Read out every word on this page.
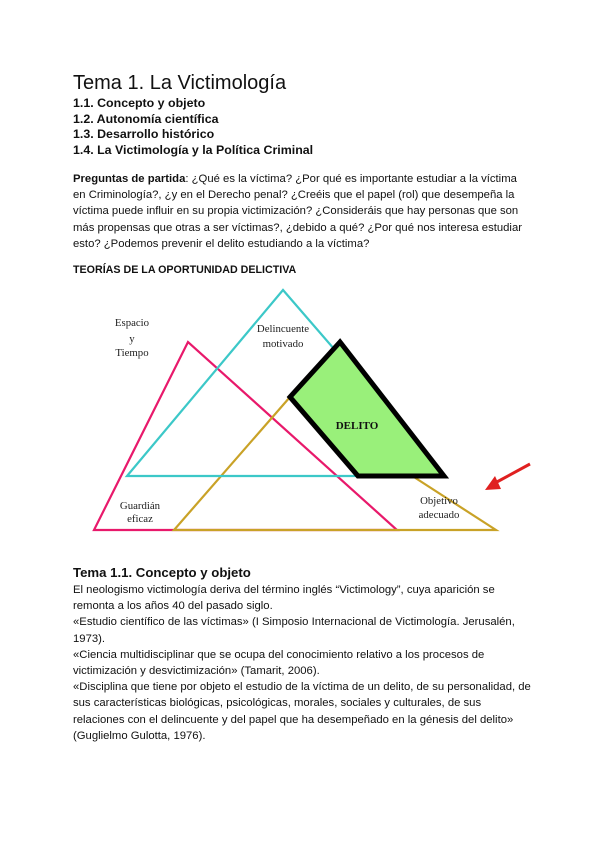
Tema 1. La Victimología
1.1. Concepto y objeto
1.2. Autonomía científica
1.3. Desarrollo histórico
1.4. La Victimología y la Política Criminal

Preguntas de partida: ¿Qué es la víctima? ¿Por qué es importante estudiar a la víctima en Criminología?, ¿y en el Derecho penal? ¿Creéis que el papel (rol) que desempeña la víctima puede influir en su propia victimización? ¿Consideráis que hay personas que son más propensas que otras a ser víctimas?, ¿debido a qué? ¿Por qué nos interesa estudiar esto? ¿Podemos prevenir el delito estudiando a la víctima?

TEORÍAS DE LA OPORTUNIDAD DELICTIVA

Espacio
y
Tiempo
Delincuente
motivado
DELITO
Guardián
eficaz
Objetivo
adecuado
Tema 1.1. Concepto y objeto

El neologismo victimología deriva del término inglés “Victimology”, cuya aparición se remonta a los años 40 del pasado siglo.
«Estudio científico de las víctimas» (I Simposio Internacional de Victimología. Jerusalén, 1973).
«Ciencia multidisciplinar que se ocupa del conocimiento relativo a los procesos de victimización y desvictimización» (Tamarit, 2006).
«Disciplina que tiene por objeto el estudio de la víctima de un delito, de su personalidad, de sus características biológicas, psicológicas, morales, sociales y culturales, de sus relaciones con el delincuente y del papel que ha desempeñado en la génesis del delito» (Guglielmo Gulotta, 1976).
